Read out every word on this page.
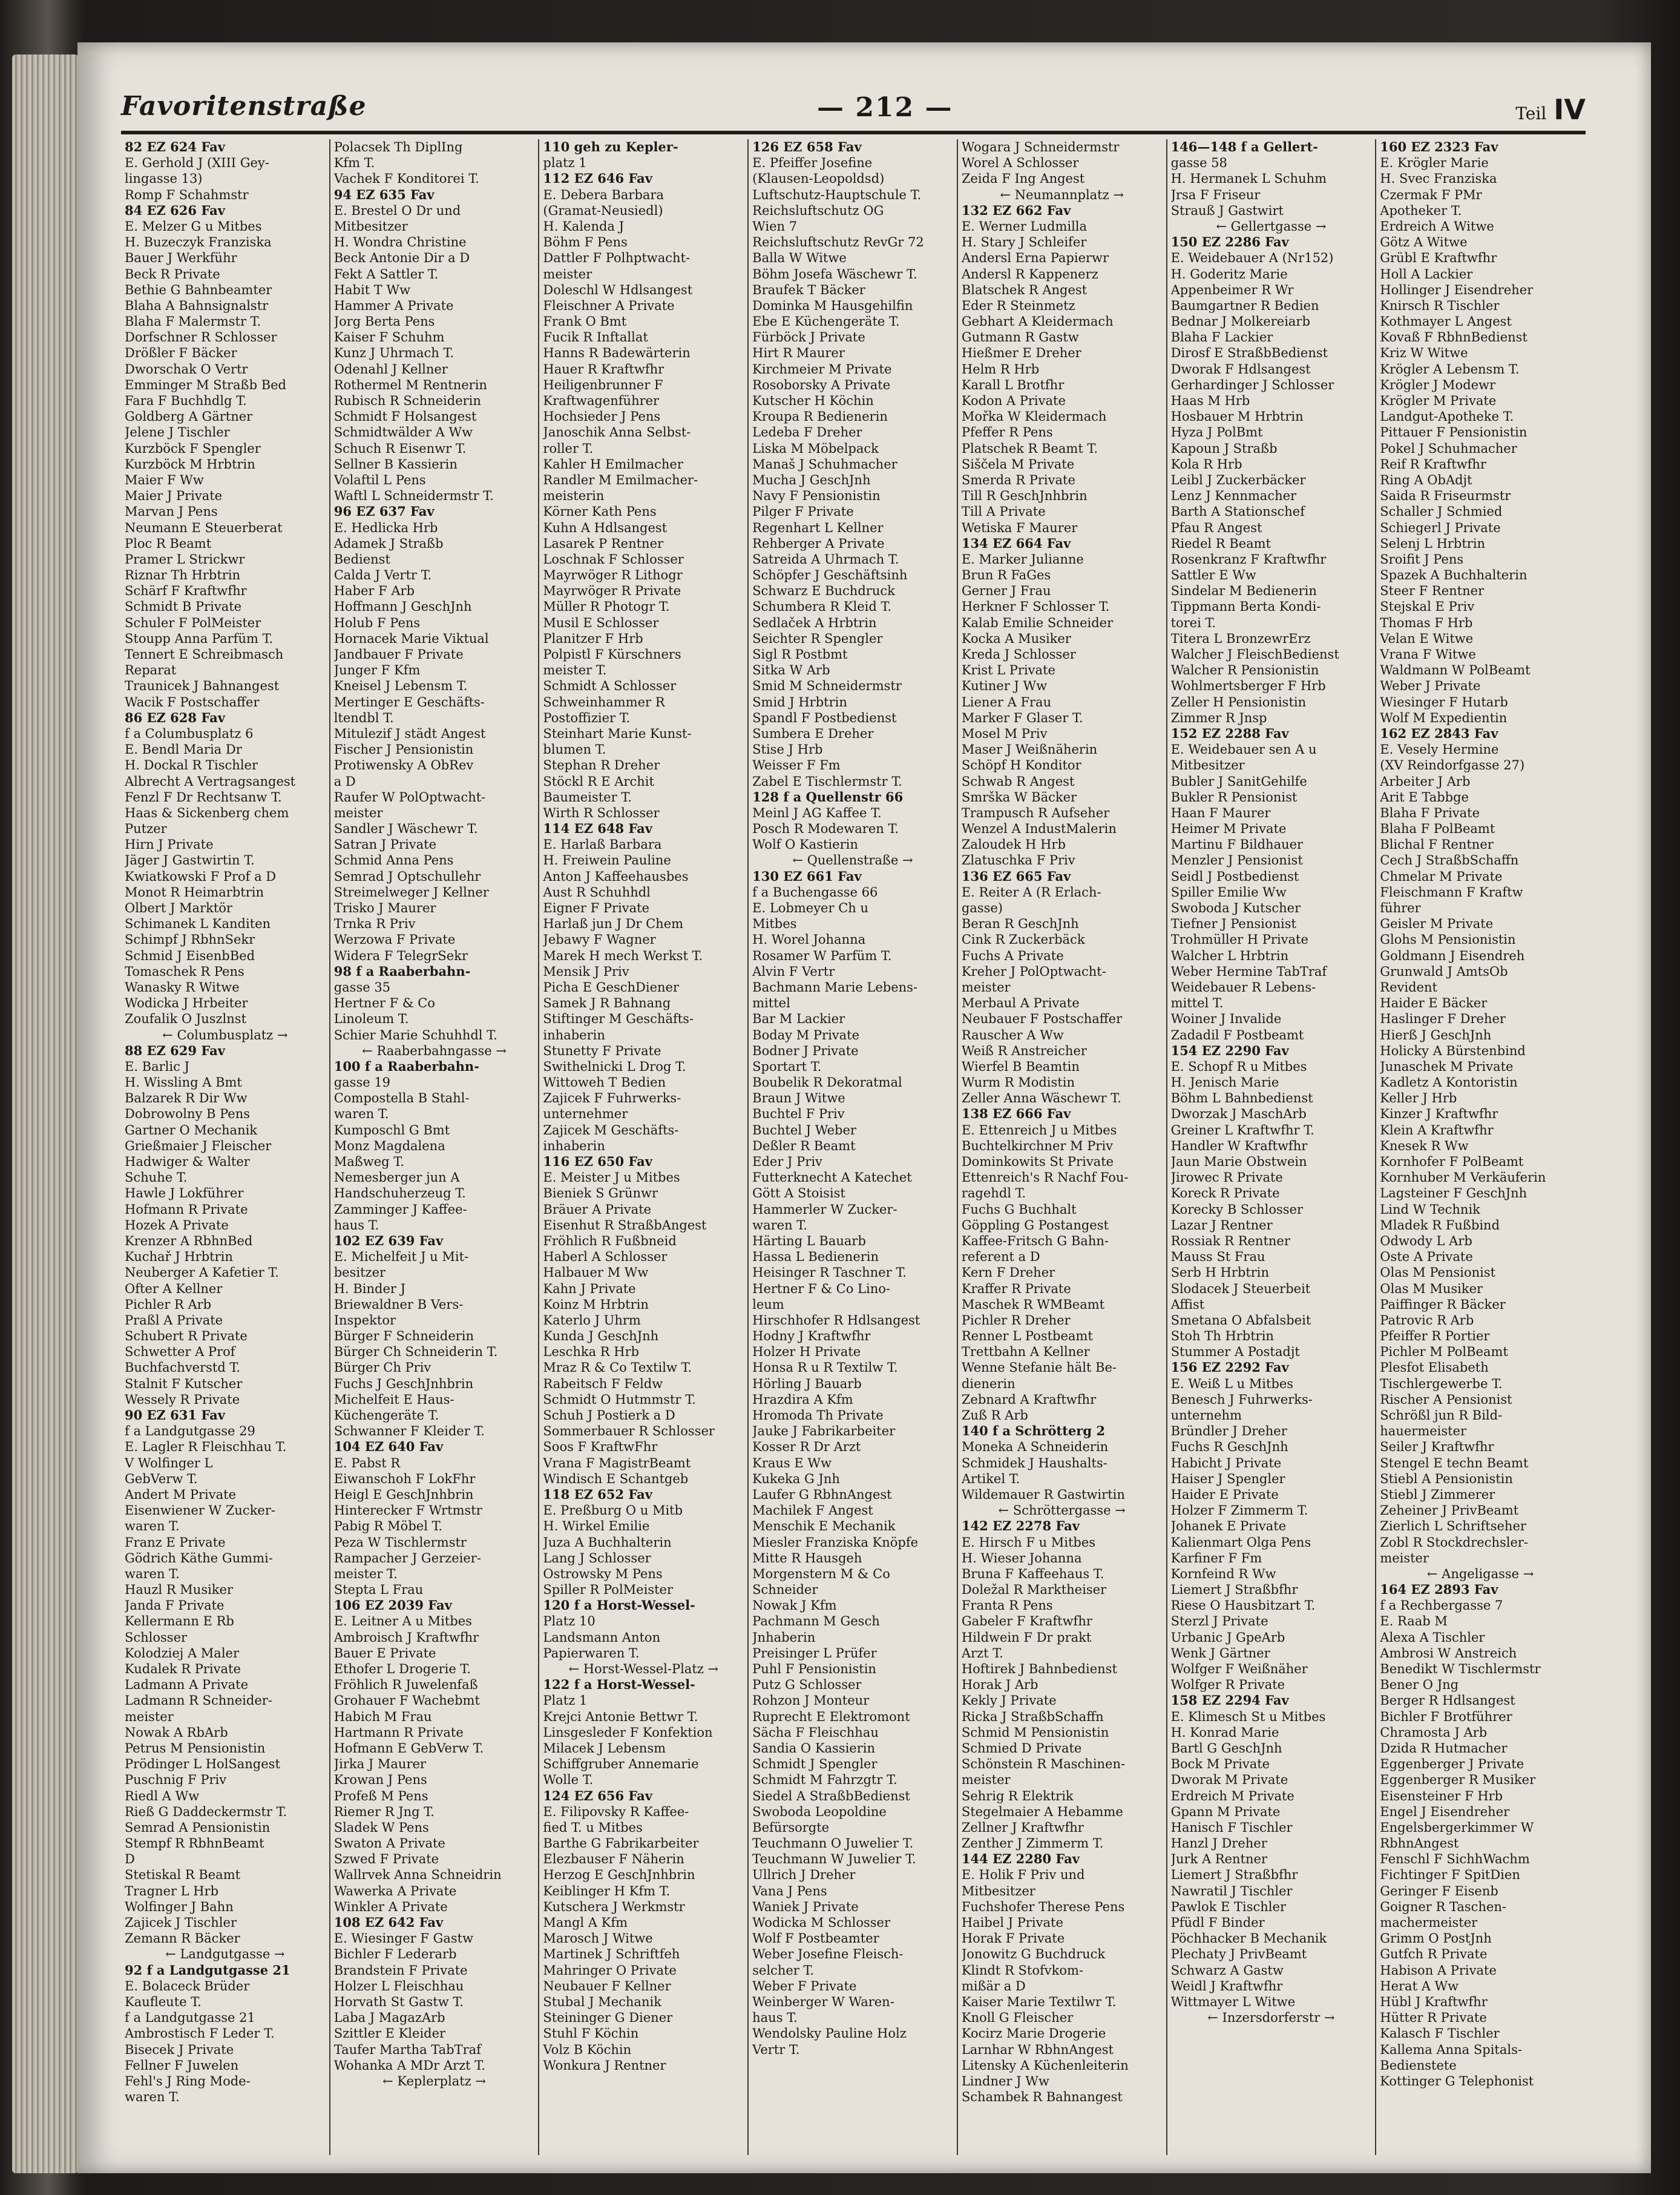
Favoritenstraße	— 212 —	Teil IV
82 EZ 624 Fav
E. Gerhold J (XIII Gey-
lingasse 13)
Romp F Schahmstr
84 EZ 626 Fav
E. Melzer G u Mitbes
H. Buzeczyk Franziska
Bauer J Werkführ
Beck R Private
Bethie G Bahnbeamter
Blaha A Bahnsignalstr
Blaha F Malermstr T.
Dorfschner R Schlosser
Drößler F Bäcker
Dworschak O Vertr
Emminger M Straßb Bed
Fara F Buchhdlg T.
Goldberg A Gärtner
Jelene J Tischler
Kurzböck F Spengler
Kurzböck M Hrbtrin
Maier F Ww
Maier J Private
Marvan J Pens
Neumann E Steuerberat
Ploc R Beamt
Pramer L Strickwr
Riznar Th Hrbtrin
Schärf F Kraftwfhr
Schmidt B Private
Schuler F PolMeister
Stoupp Anna Parfüm T.
Tennert E Schreibmasch
Reparat
Traunicek J Bahnangest
Wacik F Postschaffer
86 EZ 628 Fav
f a Columbusplatz 6
E. Bendl Maria Dr
H. Dockal R Tischler
Albrecht A Vertragsangest
Fenzl F Dr Rechtsanw T.
Haas & Sickenberg chem
Putzer
Hirn J Private
Jäger J Gastwirtin T.
Kwiatkowski F Prof a D
Monot R Heimarbtrin
Olbert J Marktör
Schimanek L Kanditen
Schimpf J RbhnSekr
Schmid J EisenbBed
Tomaschek R Pens
Wanasky R Witwe
Wodicka J Hrbeiter
Zoufalik O Juszlnst
← Columbusplatz →
88 EZ 629 Fav
E. Barlic J
H. Wissling A Bmt
Balzarek R Dir Ww
Dobrowolny B Pens
Gartner O Mechanik
Grießmaier J Fleischer
Hadwiger & Walter
Schuhe T.
Hawle J Lokführer
Hofmann R Private
Hozek A Private
Krenzer A RbhnBed
Kuchař J Hrbtrin
Neuberger A Kafetier T.
Ofter A Kellner
Pichler R Arb
Praßl A Private
Schubert R Private
Schwetter A Prof
Buchfachverstd T.
Stalnit F Kutscher
Wessely R Private
90 EZ 631 Fav
f a Landgutgasse 29
E. Lagler R Fleischhau T.
V Wolfinger L
GebVerw T.
Andert M Private
Eisenwiener W Zucker-
waren T.
Franz E Private
Gödrich Käthe Gummi-
waren T.
Hauzl R Musiker
Janda F Private
Kellermann E Rb
Schlosser
Kolodziej A Maler
Kudalek R Private
Ladmann A Private
Ladmann R Schneider-
meister
Nowak A RbArb
Petrus M Pensionistin
Prödinger L HolSangest
Puschnig F Priv
Riedl A Ww
Rieß G Daddeckermstr T.
Semrad A Pensionistin
Stempf R RbhnBeamt
D
Stetiskal R Beamt
Tragner L Hrb
Wolfinger J Bahn
Zajicek J Tischler
Zemann R Bäcker
← Landgutgasse →
92 f a Landgutgasse 21
E. Bolaceck Brüder
Kaufleute T.
f a Landgutgasse 21
Ambrostisch F Leder T.
Bisecek J Private
Fellner F Juwelen
Fehl's J Ring Mode-
waren T.
Polacsek Th DiplIng
Kfm T.
Vachek F Konditorei T.
94 EZ 635 Fav
E. Brestel O Dr und
Mitbesitzer
H. Wondra Christine
Beck Antonie Dir a D
Fekt A Sattler T.
Habit T Ww
Hammer A Private
Jorg Berta Pens
Kaiser F Schuhm
Kunz J Uhrmach T.
Odenahl J Kellner
Rothermel M Rentnerin
Rubisch R Schneiderin
Schmidt F Holsangest
Schmidtwälder A Ww
Schuch R Eisenwr T.
Sellner B Kassierin
Volaftil L Pens
Waftl L Schneidermstr T.
96 EZ 637 Fav
E. Hedlicka Hrb
Adamek J Straßb
Bedienst
Calda J Vertr T.
Haber F Arb
Hoffmann J GeschJnh
Holub F Pens
Hornacek Marie Viktual
Jandbauer F Private
Junger F Kfm
Kneisel J Lebensm T.
Mertinger E Geschäfts-
ltendbl T.
Mitulezif J städt Angest
Fischer J Pensionistin
Protiwensky A ObRev
a D
Raufer W PolOptwacht-
meister
Sandler J Wäschewr T.
Satran J Private
Schmid Anna Pens
Semrad J Optschullehr
Streimelweger J Kellner
Trisko J Maurer
Trnka R Priv
Werzowa F Private
Widera F TelegrSekr
98 f a Raaberbahn-
gasse 35
Hertner F & Co
Linoleum T.
Schier Marie Schuhhdl T.
← Raaberbahngasse →
100 f a Raaberbahn-
gasse 19
Compostella B Stahl-
waren T.
Kumposchl G Bmt
Monz Magdalena
Maßweg T.
Nemesberger jun A
Handschuherzeug T.
Zamminger J Kaffee-
haus T.
102 EZ 639 Fav
E. Michelfeit J u Mit-
besitzer
H. Binder J
Briewaldner B Vers-
Inspektor
Bürger F Schneiderin
Bürger Ch Schneiderin T.
Bürger Ch Priv
Fuchs J GeschJnhbrin
Michelfeit E Haus-
Küchengeräte T.
Schwanner F Kleider T.
104 EZ 640 Fav
E. Pabst R
Eiwanschoh F LokFhr
Heigl E GeschJnhbrin
Hinterecker F Wrtmstr
Pabig R Möbel T.
Peza W Tischlermstr
Rampacher J Gerzeier-
meister T.
Stepta L Frau
106 EZ 2039 Fav
E. Leitner A u Mitbes
Ambroisch J Kraftwfhr
Bauer E Private
Ethofer L Drogerie T.
Fröhlich R Juwelenfaß
Grohauer F Wachebmt
Habich M Frau
Hartmann R Private
Hofmann E GebVerw T.
Jirka J Maurer
Krowan J Pens
Profeß M Pens
Riemer R Jng T.
Sladek W Pens
Swaton A Private
Szwed F Private
Wallrvek Anna Schneidrin
Wawerka A Private
Winkler A Private
108 EZ 642 Fav
E. Wiesinger F Gastw
Bichler F Lederarb
Brandstein F Private
Holzer L Fleischhau
Horvath St Gastw T.
Laba J MagazArb
Szittler E Kleider
Taufer Martha TabTraf
Wohanka A MDr Arzt T.
← Keplerplatz →
110 geh zu Kepler-
platz 1
112 EZ 646 Fav
E. Debera Barbara
(Gramat-Neusiedl)
H. Kalenda J
Böhm F Pens
Dattler F Polhptwacht-
meister
Doleschl W Hdlsangest
Fleischner A Private
Frank O Bmt
Fucik R Inftallat
Hanns R Badewärterin
Hauer R Kraftwfhr
Heiligenbrunner F
Kraftwagenführer
Hochsieder J Pens
Janoschik Anna Selbst-
roller T.
Kahler H Emilmacher
Randler M Emilmacher-
meisterin
Körner Kath Pens
Kuhn A Hdlsangest
Lasarek P Rentner
Loschnak F Schlosser
Mayrwöger R Lithogr
Mayrwöger R Private
Müller R Photogr T.
Musil E Schlosser
Planitzer F Hrb
Polpistl F Kürschners
meister T.
Schmidt A Schlosser
Schweinhammer R
Postoffizier T.
Steinhart Marie Kunst-
blumen T.
Stephan R Dreher
Stöckl R E Archit
Baumeister T.
Wirth R Schlosser
114 EZ 648 Fav
E. Harlaß Barbara
H. Freiwein Pauline
Anton J Kaffeehausbes
Aust R Schuhhdl
Eigner F Private
Harlaß jun J Dr Chem
Jebawy F Wagner
Marek H mech Werkst T.
Mensik J Priv
Picha E GeschDiener
Samek J R Bahnang
Stiftinger M Geschäfts-
inhaberin
Stunetty F Private
Swithelnicki L Drog T.
Wittoweh T Bedien
Zajicek F Fuhrwerks-
unternehmer
Zajicek M Geschäfts-
inhaberin
116 EZ 650 Fav
E. Meister J u Mitbes
Bieniek S Grünwr
Bräuer A Private
Eisenhut R StraßbAngest
Fröhlich R Fußbneid
Haberl A Schlosser
Halbauer M Ww
Kahn J Private
Koinz M Hrbtrin
Katerlo J Uhrm
Kunda J GeschJnh
Leschka R Hrb
Mraz R & Co Textilw T.
Rabeitsch F Feldw
Schmidt O Hutmmstr T.
Schuh J Postierk a D
Sommerbauer R Schlosser
Soos F KraftwFhr
Vrana F MagistrBeamt
Windisch E Schantgeb
118 EZ 652 Fav
E. Preßburg O u Mitb
H. Wirkel Emilie
Juza A Buchhalterin
Lang J Schlosser
Ostrowsky M Pens
Spiller R PolMeister
120 f a Horst-Wessel-
Platz 10
Landsmann Anton
Papierwaren T.
← Horst-Wessel-Platz →
122 f a Horst-Wessel-
Platz 1
Krejci Antonie Bettwr T.
Linsgesleder F Konfektion
Milacek J Lebensm
Schiffgruber Annemarie
Wolle T.
124 EZ 656 Fav
E. Filipovsky R Kaffee-
fied T. u Mitbes
Barthe G Fabrikarbeiter
Elezbauser F Näherin
Herzog E GeschJnhbrin
Keiblinger H Kfm T.
Kutschera J Werkmstr
Mangl A Kfm
Marosch J Witwe
Martinek J Schriftfeh
Mahringer O Private
Neubauer F Kellner
Stubal J Mechanik
Steininger G Diener
Stuhl F Köchin
Volz B Köchin
Wonkura J Rentner
126 EZ 658 Fav
E. Pfeiffer Josefine
(Klausen-Leopoldsd)
Luftschutz-Hauptschule T.
Reichsluftschutz OG
Wien 7
Reichsluftschutz RevGr 72
Balla W Witwe
Böhm Josefa Wäschewr T.
Braufek T Bäcker
Dominka M Hausgehilfin
Ebe E Küchengeräte T.
Fürböck J Private
Hirt R Maurer
Kirchmeier M Private
Rosoborsky A Private
Kutscher H Köchin
Kroupa R Bedienerin
Ledeba F Dreher
Liska M Möbelpack
Manaš J Schuhmacher
Mucha J GeschJnh
Navy F Pensionistin
Pilger F Private
Regenhart L Kellner
Rehberger A Private
Satreida A Uhrmach T.
Schöpfer J Geschäftsinh
Schwarz E Buchdruck
Schumbera R Kleid T.
Sedlaček A Hrbtrin
Seichter R Spengler
Sigl R Postbmt
Sitka W Arb
Smid M Schneidermstr
Smid J Hrbtrin
Spandl F Postbedienst
Sumbera E Dreher
Stise J Hrb
Weisser F Fm
Zabel E Tischlermstr T.
128 f a Quellenstr 66
Meinl J AG Kaffee T.
Posch R Modewaren T.
Wolf O Kastierin
← Quellenstraße →
130 EZ 661 Fav
f a Buchengasse 66
E. Lobmeyer Ch u
Mitbes
H. Worel Johanna
Rosamer W Parfüm T.
Alvin F Vertr
Bachmann Marie Lebens-
mittel
Bar M Lackier
Boday M Private
Bodner J Private
Sportart T.
Boubelik R Dekoratmal
Braun J Witwe
Buchtel F Priv
Buchtel J Weber
Deßler R Beamt
Eder J Priv
Futterknecht A Katechet
Gött A Stoisist
Hammerler W Zucker-
waren T.
Härting L Bauarb
Hassa L Bedienerin
Heisinger R Taschner T.
Hertner F & Co Lino-
leum
Hirschhofer R Hdlsangest
Hodny J Kraftwfhr
Holzer H Private
Honsa R u R Textilw T.
Hörling J Bauarb
Hrazdira A Kfm
Hromoda Th Private
Jauke J Fabrikarbeiter
Kosser R Dr Arzt
Kraus E Ww
Kukeka G Jnh
Laufer G RbhnAngest
Machilek F Angest
Menschik E Mechanik
Miesler Franziska Knöpfe
Mitte R Hausgeh
Morgenstern M & Co
Schneider
Nowak J Kfm
Pachmann M Gesch
Jnhaberin
Preisinger L Prüfer
Puhl F Pensionistin
Putz G Schlosser
Rohzon J Monteur
Ruprecht E Elektromont
Sächa F Fleischhau
Sandia O Kassierin
Schmidt J Spengler
Schmidt M Fahrzgtr T.
Siedel A StraßbBedienst
Swoboda Leopoldine
Befürsorgte
Teuchmann O Juwelier T.
Teuchmann W Juwelier T.
Ullrich J Dreher
Vana J Pens
Waniek J Private
Wodicka M Schlosser
Wolf F Postbeamter
Weber Josefine Fleisch-
selcher T.
Weber F Private
Weinberger W Waren-
haus T.
Wendolsky Pauline Holz
Vertr T.
Wogara J Schneidermstr
Worel A Schlosser
Zeida F Ing Angest
← Neumannplatz →
132 EZ 662 Fav
E. Werner Ludmilla
H. Stary J Schleifer
Andersl Erna Papierwr
Andersl R Kappenerz
Blatschek R Angest
Eder R Steinmetz
Gebhart A Kleidermach
Gutmann R Gastw
Hießmer E Dreher
Helm R Hrb
Karall L Brotfhr
Kodon A Private
Mořka W Kleidermach
Pfeffer R Pens
Platschek R Beamt T.
Siščela M Private
Smerda R Private
Till R GeschJnhbrin
Till A Private
Wetiska F Maurer
134 EZ 664 Fav
E. Marker Julianne
Brun R FaGes
Gerner J Frau
Herkner F Schlosser T.
Kalab Emilie Schneider
Kocka A Musiker
Kreda J Schlosser
Krist L Private
Kutiner J Ww
Liener A Frau
Marker F Glaser T.
Mosel M Priv
Maser J Weißnäherin
Schöpf H Konditor
Schwab R Angest
Smrška W Bäcker
Trampusch R Aufseher
Wenzel A IndustMalerin
Zaloudek H Hrb
Zlatuschka F Priv
136 EZ 665 Fav
E. Reiter A (R Erlach-
gasse)
Beran R GeschJnh
Cink R Zuckerbäck
Fuchs A Private
Kreher J PolOptwacht-
meister
Merbaul A Private
Neubauer F Postschaffer
Rauscher A Ww
Weiß R Anstreicher
Wierfel B Beamtin
Wurm R Modistin
Zeller Anna Wäschewr T.
138 EZ 666 Fav
E. Ettenreich J u Mitbes
Buchtelkirchner M Priv
Dominkowits St Private
Ettenreich's R Nachf Fou-
ragehdl T.
Fuchs G Buchhalt
Göppling G Postangest
Kaffee-Fritsch G Bahn-
referent a D
Kern F Dreher
Kraffer R Private
Maschek R WMBeamt
Pichler R Dreher
Renner L Postbeamt
Trettbahn A Kellner
Wenne Stefanie hält Be-
dienerin
Zebnard A Kraftwfhr
Zuß R Arb
140 f a Schrötterg 2
Moneka A Schneiderin
Schmidek J Haushalts-
Artikel T.
Wildemauer R Gastwirtin
← Schröttergasse →
142 EZ 2278 Fav
E. Hirsch F u Mitbes
H. Wieser Johanna
Bruna F Kaffeehaus T.
Doležal R Marktheiser
Franta R Pens
Gabeler F Kraftwfhr
Hildwein F Dr prakt
Arzt T.
Hoftirek J Bahnbedienst
Horak J Arb
Kekly J Private
Ricka J StraßbSchaffn
Schmid M Pensionistin
Schmied D Private
Schönstein R Maschinen-
meister
Sehrig R Elektrik
Stegelmaier A Hebamme
Zellner J Kraftwfhr
Zenther J Zimmerm T.
144 EZ 2280 Fav
E. Holik F Priv und
Mitbesitzer
Fuchshofer Therese Pens
Haibel J Private
Horak F Private
Jonowitz G Buchdruck
Klindt R Stofvkom-
mißär a D
Kaiser Marie Textilwr T.
Knoll G Fleischer
Kocirz Marie Drogerie
Larnhar W RbhnAngest
Litensky A Küchenleiterin
Lindner J Ww
Schambek R Bahnangest
146—148 f a Gellert-
gasse 58
H. Hermanek L Schuhm
Jrsa F Friseur
Strauß J Gastwirt
← Gellertgasse →
150 EZ 2286 Fav
E. Weidebauer A (Nr152)
H. Goderitz Marie
Appenbeimer R Wr
Baumgartner R Bedien
Bednar J Molkereiarb
Blaha F Lackier
Dirosf E StraßbBedienst
Dworak F Hdlsangest
Gerhardinger J Schlosser
Haas M Hrb
Hosbauer M Hrbtrin
Hyza J PolBmt
Kapoun J Straßb
Kola R Hrb
Leibl J Zuckerbäcker
Lenz J Kennmacher
Barth A Stationschef
Pfau R Angest
Riedel R Beamt
Rosenkranz F Kraftwfhr
Sattler E Ww
Sindelar M Bedienerin
Tippmann Berta Kondi-
torei T.
Titera L BronzewrErz
Walcher J FleischBedienst
Walcher R Pensionistin
Wohlmertsberger F Hrb
Zeller H Pensionistin
Zimmer R Jnsp
152 EZ 2288 Fav
E. Weidebauer sen A u
Mitbesitzer
Bubler J SanitGehilfe
Bukler R Pensionist
Haan F Maurer
Heimer M Private
Martinu F Bildhauer
Menzler J Pensionist
Seidl J Postbedienst
Spiller Emilie Ww
Swoboda J Kutscher
Tiefner J Pensionist
Trohmüller H Private
Walcher L Hrbtrin
Weber Hermine TabTraf
Weidebauer R Lebens-
mittel T.
Woiner J Invalide
Zadadil F Postbeamt
154 EZ 2290 Fav
E. Schopf R u Mitbes
H. Jenisch Marie
Böhm L Bahnbedienst
Dworzak J MaschArb
Greiner L Kraftwfhr T.
Handler W Kraftwfhr
Jaun Marie Obstwein
Jirowec R Private
Koreck R Private
Korecky B Schlosser
Lazar J Rentner
Rossiak R Rentner
Mauss St Frau
Serb H Hrbtrin
Slodacek J Steuerbeit
Affist
Smetana O Abfalsbeit
Stoh Th Hrbtrin
Stummer A Postadjt
156 EZ 2292 Fav
E. Weiß L u Mitbes
Benesch J Fuhrwerks-
unternehm
Bründler J Dreher
Fuchs R GeschJnh
Habicht J Private
Haiser J Spengler
Haider E Private
Holzer F Zimmerm T.
Johanek E Private
Kalienmart Olga Pens
Karfiner F Fm
Kornfeind R Ww
Liemert J Straßbfhr
Riese O Hausbitzart T.
Sterzl J Private
Urbanic J GpeArb
Wenk J Gärtner
Wolfger F Weißnäher
Wolfger R Private
158 EZ 2294 Fav
E. Klimesch St u Mitbes
H. Konrad Marie
Bartl G GeschJnh
Bock M Private
Dworak M Private
Erdreich M Private
Gpann M Private
Hanisch F Tischler
Hanzl J Dreher
Jurk A Rentner
Liemert J Straßbfhr
Nawratil J Tischler
Pawlok E Tischler
Pfüdl F Binder
Pöchhacker B Mechanik
Plechaty J PrivBeamt
Schwarz A Gastw
Weidl J Kraftwfhr
Wittmayer L Witwe
← Inzersdorferstr →
160 EZ 2323 Fav
E. Krögler Marie
H. Svec Franziska
Czermak F PMr
Apotheker T.
Erdreich A Witwe
Götz A Witwe
Grübl E Kraftwfhr
Holl A Lackier
Hollinger J Eisendreher
Knirsch R Tischler
Kothmayer L Angest
Kovaß F RbhnBedienst
Kriz W Witwe
Krögler A Lebensm T.
Krögler J Modewr
Krögler M Private
Landgut-Apotheke T.
Pittauer F Pensionistin
Pokel J Schuhmacher
Reif R Kraftwfhr
Ring A ObAdjt
Saida R Friseurmstr
Schaller J Schmied
Schiegerl J Private
Selenj L Hrbtrin
Sroifit J Pens
Spazek A Buchhalterin
Steer F Rentner
Stejskal E Priv
Thomas F Hrb
Velan E Witwe
Vrana F Witwe
Waldmann W PolBeamt
Weber J Private
Wiesinger F Hutarb
Wolf M Expedientin
162 EZ 2843 Fav
E. Vesely Hermine
(XV Reindorfgasse 27)
Arbeiter J Arb
Arit E Tabbge
Blaha F Private
Blaha F PolBeamt
Blichal F Rentner
Cech J StraßbSchaffn
Chmelar M Private
Fleischmann F Kraftw
führer
Geisler M Private
Glohs M Pensionistin
Goldmann J Eisendreh
Grunwald J AmtsOb
Revident
Haider E Bäcker
Haslinger F Dreher
Hierß J GeschJnh
Holicky A Bürstenbind
Junaschek M Private
Kadletz A Kontoristin
Keller J Hrb
Kinzer J Kraftwfhr
Klein A Kraftwfhr
Knesek R Ww
Kornhofer F PolBeamt
Kornhuber M Verkäuferin
Lagsteiner F GeschJnh
Lind W Technik
Mladek R Fußbind
Odwody L Arb
Oste A Private
Olas M Pensionist
Olas M Musiker
Paiffinger R Bäcker
Patrovic R Arb
Pfeiffer R Portier
Pichler M PolBeamt
Plesfot Elisabeth
Tischlergewerbe T.
Rischer A Pensionist
Schrößl jun R Bild-
hauermeister
Seiler J Kraftwfhr
Stengel E techn Beamt
Stiebl A Pensionistin
Stiebl J Zimmerer
Zeheiner J PrivBeamt
Zierlich L Schriftseher
Zobl R Stockdrechsler-
meister
← Angeligasse →
164 EZ 2893 Fav
f a Rechbergasse 7
E. Raab M
Alexa A Tischler
Ambrosi W Anstreich
Benedikt W Tischlermstr
Bener O Jng
Berger R Hdlsangest
Bichler F Brotführer
Chramosta J Arb
Dzida R Hutmacher
Eggenberger J Private
Eggenberger R Musiker
Eisensteiner F Hrb
Engel J Eisendreher
Engelsbergerkimmer W
RbhnAngest
Fenschl F SichhWachm
Fichtinger F SpitDien
Geringer F Eisenb
Goigner R Taschen-
machermeister
Grimm O PostJnh
Gutfch R Private
Habison A Private
Herat A Ww
Hübl J Kraftwfhr
Hütter R Private
Kalasch F Tischler
Kallema Anna Spitals-
Bedienstete
Kottinger G Telephonist
